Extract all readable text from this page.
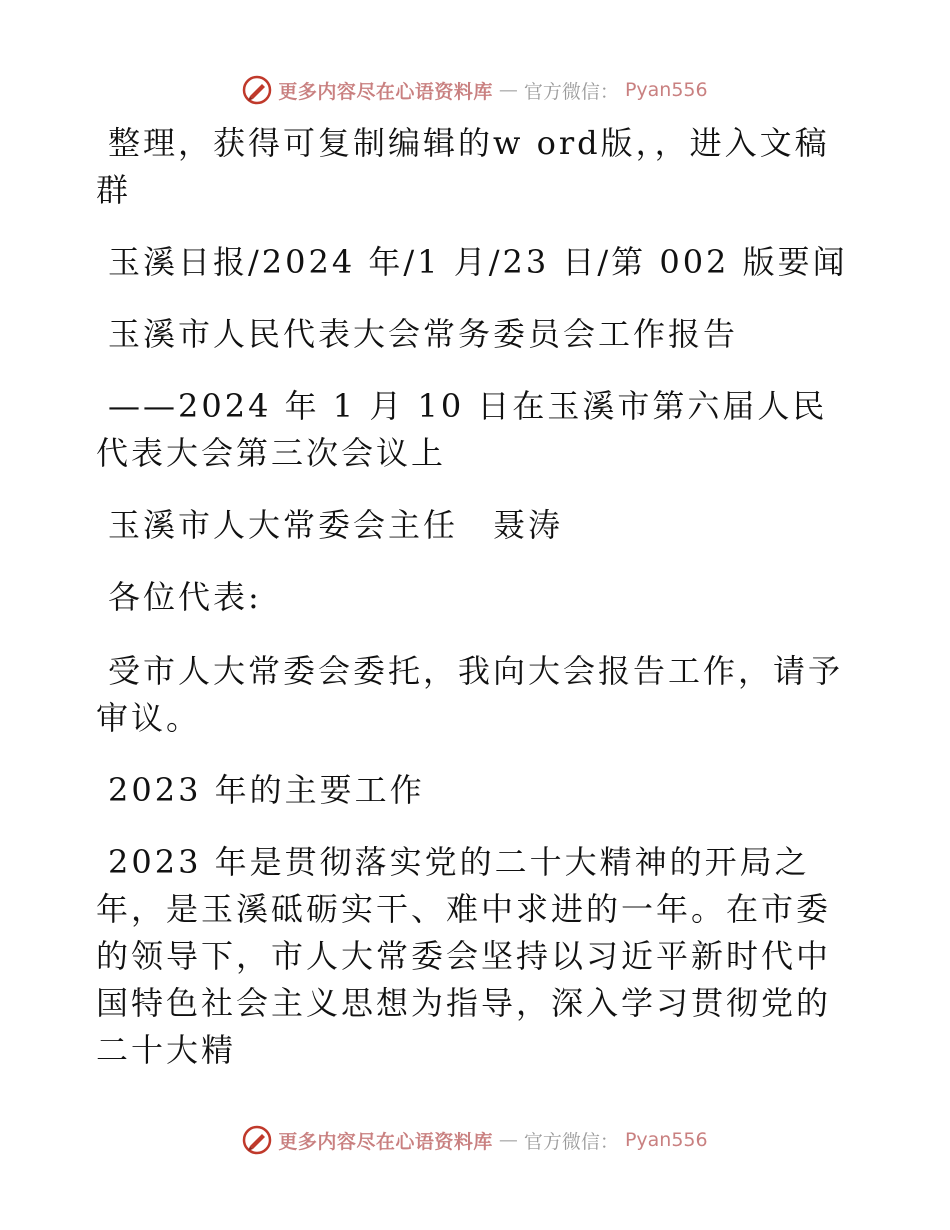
更多内容尽在心语资料库 — 官方微信： Pyan556

整理，获得可复制编辑的w ord版，，进入文稿群

玉溪日报/2024 年/1 月/23 日/第 002 版要闻

玉溪市人民代表大会常务委员会工作报告

——2024 年 1 月 10 日在玉溪市第六届人民代表大会第三次会议上

玉溪市人大常委会主任　聂涛

各位代表:

受市人大常委会委托，我向大会报告工作，请予审议。

2023 年的主要工作

2023 年是贯彻落实党的二十大精神的开局之年，是玉溪砥砺实干、难中求进的一年。在市委的领导下，市人大常委会坚持以习近平新时代中国特色社会主义思想为指导，深入学习贯彻党的二十大精

更多内容尽在心语资料库 — 官方微信： Pyan556
